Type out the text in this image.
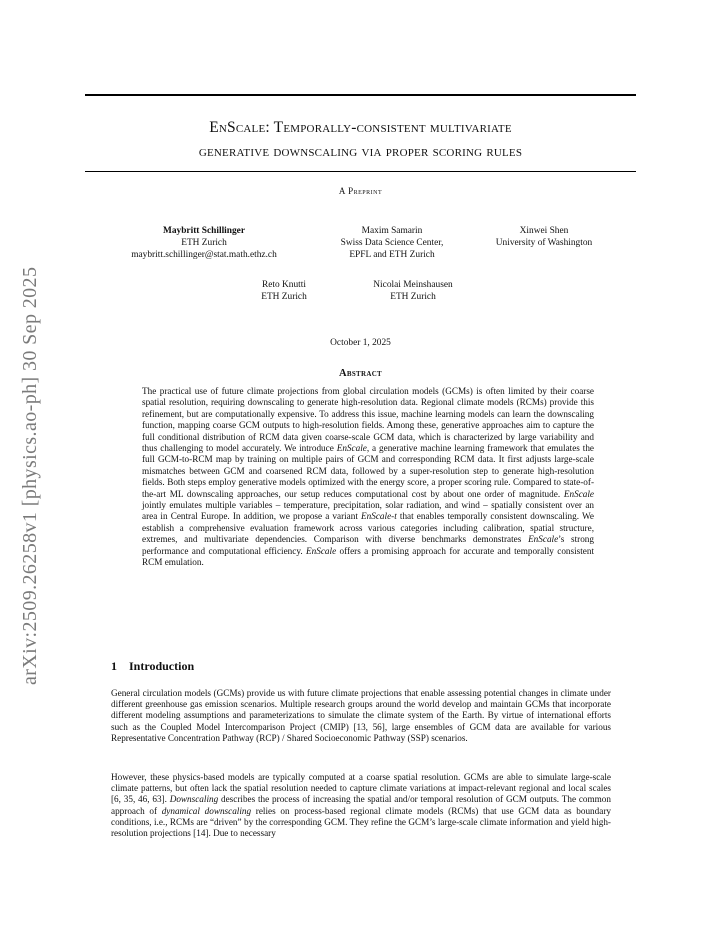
arXiv:2509.26258v1 [physics.ao-ph] 30 Sep 2025
EnScale: Temporally-consistent multivariate
generative downscaling via proper scoring rules
A Preprint
Maybritt Schillinger
ETH Zurich
maybritt.schillinger@stat.math.ethz.ch
Maxim Samarin
Swiss Data Science Center,
EPFL and ETH Zurich
Xinwei Shen
University of Washington
Reto Knutti
ETH Zurich
Nicolai Meinshausen
ETH Zurich
October 1, 2025
Abstract
The practical use of future climate projections from global circulation models (GCMs) is often limited by their coarse spatial resolution, requiring downscaling to generate high-resolution data. Regional climate models (RCMs) provide this refinement, but are computationally expensive. To address this issue, machine learning models can learn the downscaling function, mapping coarse GCM outputs to high-resolution fields. Among these, generative approaches aim to capture the full conditional distribution of RCM data given coarse-scale GCM data, which is characterized by large variability and thus challenging to model accurately. We introduce EnScale, a generative machine learning framework that emulates the full GCM-to-RCM map by training on multiple pairs of GCM and corresponding RCM data. It first adjusts large-scale mismatches between GCM and coarsened RCM data, followed by a super-resolution step to generate high-resolution fields. Both steps employ generative models optimized with the energy score, a proper scoring rule. Compared to state-of-the-art ML downscaling approaches, our setup reduces computational cost by about one order of magnitude. EnScale jointly emulates multiple variables – temperature, precipitation, solar radiation, and wind – spatially consistent over an area in Central Europe. In addition, we propose a variant EnScale-t that enables temporally consistent downscaling. We establish a comprehensive evaluation framework across various categories including calibration, spatial structure, extremes, and multivariate dependencies. Comparison with diverse benchmarks demonstrates EnScale’s strong performance and computational efficiency. EnScale offers a promising approach for accurate and temporally consistent RCM emulation.
1 Introduction
General circulation models (GCMs) provide us with future climate projections that enable assessing potential changes in climate under different greenhouse gas emission scenarios. Multiple research groups around the world develop and maintain GCMs that incorporate different modeling assumptions and parameterizations to simulate the climate system of the Earth. By virtue of international efforts such as the Coupled Model Intercomparison Project (CMIP) [13, 56], large ensembles of GCM data are available for various Representative Concentration Pathway (RCP) / Shared Socioeconomic Pathway (SSP) scenarios.
However, these physics-based models are typically computed at a coarse spatial resolution. GCMs are able to simulate large-scale climate patterns, but often lack the spatial resolution needed to capture climate variations at impact-relevant regional and local scales [6, 35, 46, 63]. Downscaling describes the process of increasing the spatial and/or temporal resolution of GCM outputs. The common approach of dynamical downscaling relies on process-based regional climate models (RCMs) that use GCM data as boundary conditions, i.e., RCMs are “driven” by the corresponding GCM. They refine the GCM’s large-scale climate information and yield high-resolution projections [14]. Due to necessary
